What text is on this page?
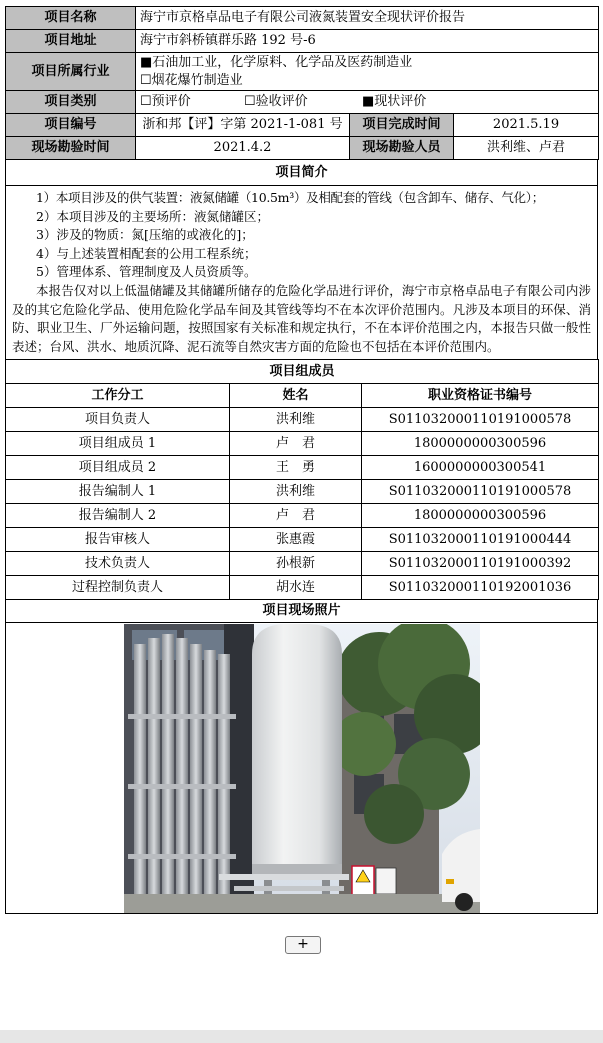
项目名称	海宁市京格卓品电子有限公司液氮装置安全现状评价报告		
项目地址	海宁市斜桥镇群乐路 192 号-6		
项目所属行业	■石油加工业，化学原料、化学品及医药制造业
☐烟花爆竹制造业		

项目类别	☐预评价 ☐验收评价 ■现状评价		
项目编号	浙和邦【评】字第 2021-1-081 号	项目完成时间	2021.5.19
现场勘验时间	2021.4.2	现场勘验人员	洪利维、卢君
项目简介

1）本项目涉及的供气装置：液氮储罐（10.5m³）及相配套的管线（包含卸车、储存、气化）；

2）本项目涉及的主要场所：液氮储罐区；

3）涉及的物质：氮[压缩的或液化的]；

4）与上述装置相配套的公用工程系统；

5）管理体系、管理制度及人员资质等。

本报告仅对以上低温储罐及其储罐所储存的危险化学品进行评价，海宁市京格卓品电子有限公司内涉及的其它危险化学品、使用危险化学品车间及其管线等均不在本次评价范围内。凡涉及本项目的环保、消防、职业卫生、厂外运输问题，按照国家有关标准和规定执行，不在本评价范围之内，本报告只做一般性表述；台风、洪水、地质沉降、泥石流等自然灾害方面的危险也不包括在本评价范围内。

项目组成员		
工作分工	姓名	职业资格证书编号
项目负责人	洪利维	S011032000110191000578
项目组成员 1	卢　君	1800000000300596
项目组成员 2	王　勇	1600000000300541
报告编制人 1	洪利维	S011032000110191000578
报告编制人 2	卢　君	1800000000300596
报告审核人	张惠霞	S011032000110191000444
技术负责人	孙根新	S011032000110191000392
过程控制负责人	胡水连	S011032000110192001036
项目现场照片

+
